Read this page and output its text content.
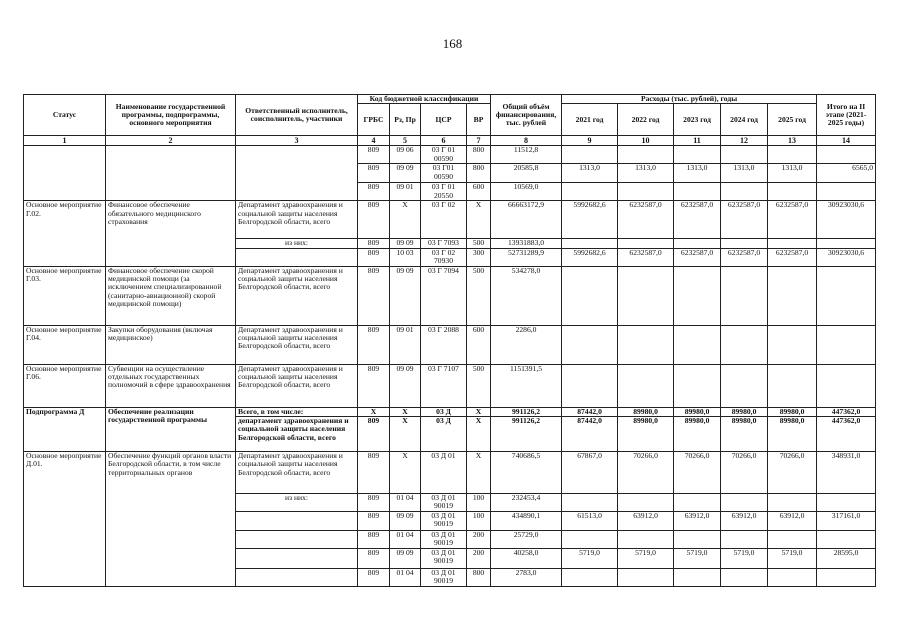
168
Статус	Наименование государственной программы, подпрограммы, основного мероприятия	Ответственный исполнитель, соисполнитель, участники	Код бюджетной классификации				Общий объём финансирования, тыс. рублей	Расходы (тыс. рублей), годы					Итого на II этапе (2021-2025 годы)
			ГРБС	Рз, Пр	ЦСР	ВР		2021 год	2022 год	2023 год	2024 год	2025 год	
1	2	3	4	5	6	7	8	9	10	11	12	13	14
			809	09 06	03 Г 01 00590	800	11512,8						
			809	09 09	03 Г01 00590	800	20585,8	1313,0	1313,0	1313,0	1313,0	1313,0	6565,0
			809	09 01	03 Г 01 20550	600	10569,0						
Основное мероприятие Г.02.	Финансовое обеспечение обязательного медицинского страхования	Департамент здравоохранения и социальной защиты населения Белгородской области, всего	809	Х	03 Г 02	Х	66663172,9	5992682,6	6232587,0	6232587,0	6232587,0	6232587,0	30923030,6
		из них:	809	09 09	03 Г 7093	500	13931883,0						
			809	10 03	03 Г 02 70930	300	52731289,9	5992682,6	6232587,0	6232587,0	6232587,0	6232587,0	30923030,6
Основное мероприятие Г.03.	Финансовое обеспечение скорой медицинской помощи (за исключением специализированной (санитарно-авиационной) скорой медицинской помощи)	Департамент здравоохранения и социальной защиты населения Белгородской области, всего	809	09 09	03 Г 7094	500	534278,0						
Основное мероприятие Г.04.	Закупки оборудования (включая медицинское)	Департамент здравоохранения и социальной защиты населения Белгородской области, всего	809	09 01	03 Г 2088	600	2286,0						
Основное мероприятие Г.06.	Субвенции на осуществление отдельных государственных полномочий в сфере здравоохранения	Департамент здравоохранения и социальной защиты населения Белгородской области, всего	809	09 09	03 Г 7107	500	1151391,5						
Подпрограмма Д	Обеспечение реализации государственной программы	Всего, в том числе:	Х	Х	03 Д	Х	991126,2	87442,0	89980,0	89980,0	89980,0	89980,0	447362,0
		департамент здравоохранения и социальной защиты населения Белгородской области, всего	809	Х	03 Д	Х	991126,2	87442,0	89980,0	89980,0	89980,0	89980,0	447362,0
Основное мероприятие Д.01.	Обеспечение функций органов власти Белгородской области, в том числе территориальных органов	Департамент здравоохранения и социальной защиты населения Белгородской области, всего	809	Х	03 Д 01	Х	740686,5	67867,0	70266,0	70266,0	70266,0	70266,0	348931,0
		из них:	809	01 04	03 Д 01 90019	100	232453,4						
			809	09 09	03 Д 01 90019	100	434890,1	61513,0	63912,0	63912,0	63912,0	63912,0	317161,0
			809	01 04	03 Д 01 90019	200	25729,0						
			809	09 09	03 Д 01 90019	200	40258,0	5719,0	5719,0	5719,0	5719,0	5719,0	28595,0
			809	01 04	03 Д 01 90019	800	2783,0						
